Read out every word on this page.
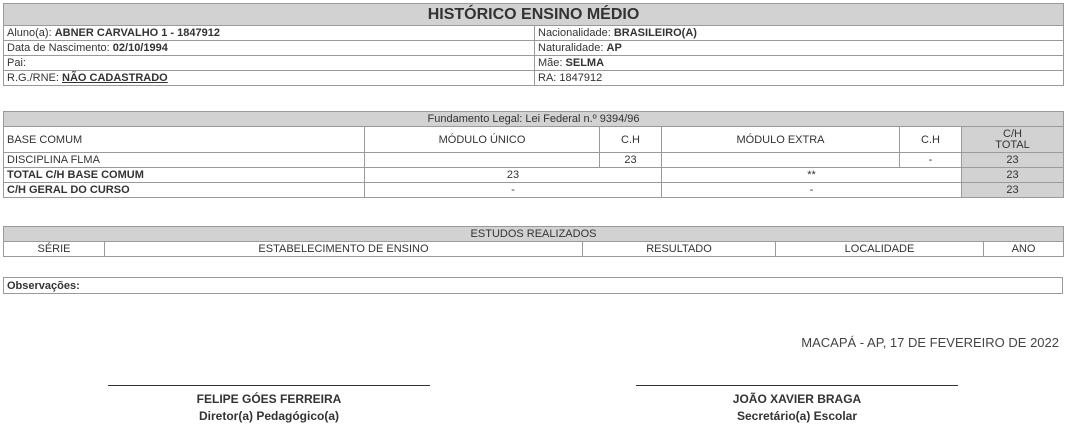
HISTÓRICO ENSINO MÉDIO	
Aluno(a): ABNER CARVALHO 1 - 1847912	Nacionalidade: BRASILEIRO(A)
Data de Nascimento: 02/10/1994	Naturalidade: AP
Pai:	Mãe: SELMA
R.G./RNE: NÃO CADASTRADO	RA: 1847912
Fundamento Legal: Lei Federal n.º 9394/96					
BASE COMUM	MÓDULO ÚNICO	C.H	MÓDULO EXTRA	C.H	C/H
TOTAL

DISCIPLINA FLMA		23		-	23
TOTAL C/H BASE COMUM	23		**		23
C/H GERAL DO CURSO	-		-		23
ESTUDOS REALIZADOS
SÉRIE	ESTABELECIMENTO DE ENSINO	RESULTADO	LOCALIDADE	ANO
Observações:
MACAPÁ - AP, 17 DE FEVEREIRO DE 2022
FELIPE GÓES FERREIRA
Diretor(a) Pedagógico(a)
JOÃO XAVIER BRAGA
Secretário(a) Escolar
